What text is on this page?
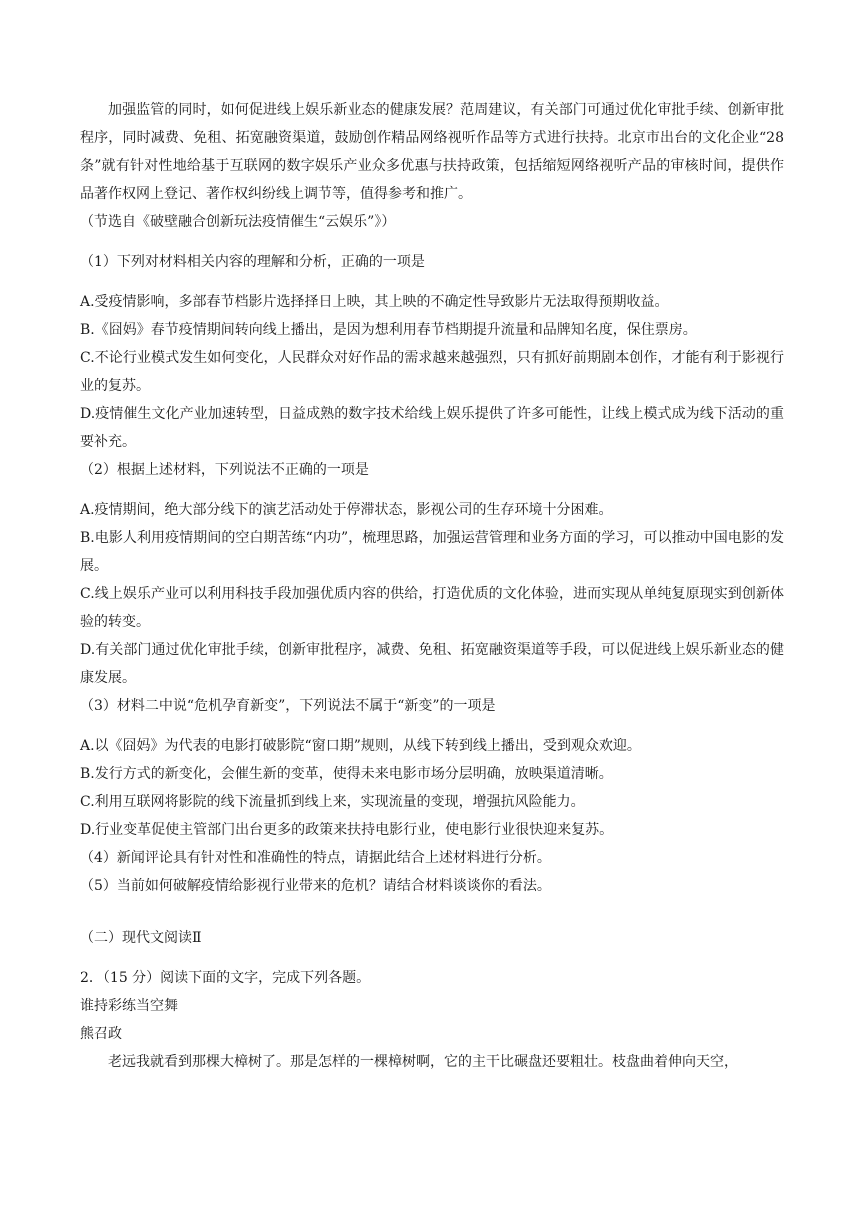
加强监管的同时，如何促进线上娱乐新业态的健康发展？范周建议，有关部门可通过优化审批手续、创新审批程序，同时减费、免租、拓宽融资渠道，鼓励创作精品网络视听作品等方式进行扶持。北京市出台的文化企业“28条”就有针对性地给基于互联网的数字娱乐产业众多优惠与扶持政策，包括缩短网络视听产品的审核时间，提供作品著作权网上登记、著作权纠纷线上调节等，值得参考和推广。

（节选自《破壁融合创新玩法疫情催生“云娱乐”》）

（1）下列对材料相关内容的理解和分析，正确的一项是

A.受疫情影响，多部春节档影片选择择日上映，其上映的不确定性导致影片无法取得预期收益。

B.《囧妈》春节疫情期间转向线上播出，是因为想利用春节档期提升流量和品牌知名度，保住票房。

C.不论行业模式发生如何变化，人民群众对好作品的需求越来越强烈，只有抓好前期剧本创作，才能有利于影视行业的复苏。

D.疫情催生文化产业加速转型，日益成熟的数字技术给线上娱乐提供了许多可能性，让线上模式成为线下活动的重要补充。

（2）根据上述材料，下列说法不正确的一项是

A.疫情期间，绝大部分线下的演艺活动处于停滞状态，影视公司的生存环境十分困难。

B.电影人利用疫情期间的空白期苦练“内功”，梳理思路，加强运营管理和业务方面的学习，可以推动中国电影的发展。

C.线上娱乐产业可以利用科技手段加强优质内容的供给，打造优质的文化体验，进而实现从单纯复原现实到创新体验的转变。

D.有关部门通过优化审批手续，创新审批程序，减费、免租、拓宽融资渠道等手段，可以促进线上娱乐新业态的健康发展。

（3）材料二中说“危机孕育新变”，下列说法不属于“新变”的一项是

A.以《囧妈》为代表的电影打破影院“窗口期”规则，从线下转到线上播出，受到观众欢迎。

B.发行方式的新变化，会催生新的变革，使得未来电影市场分层明确，放映渠道清晰。

C.利用互联网将影院的线下流量抓到线上来，实现流量的变现，增强抗风险能力。

D.行业变革促使主管部门出台更多的政策来扶持电影行业，使电影行业很快迎来复苏。

（4）新闻评论具有针对性和准确性的特点，请据此结合上述材料进行分析。

（5）当前如何破解疫情给影视行业带来的危机？请结合材料谈谈你的看法。

（二）现代文阅读Ⅱ

2．（15 分）阅读下面的文字，完成下列各题。

谁持彩练当空舞

熊召政

老远我就看到那棵大樟树了。那是怎样的一棵樟树啊，它的主干比碾盘还要粗壮。枝盘曲着伸向天空，
